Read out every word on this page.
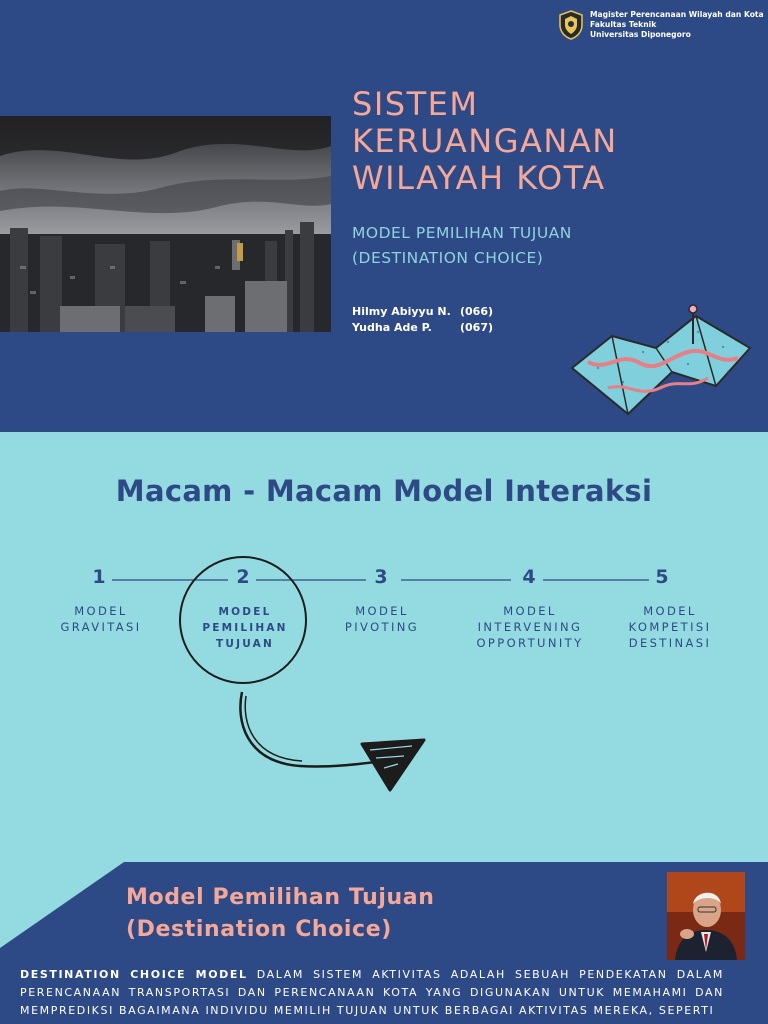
Magister Perencanaan Wilayah dan Kota
Fakultas Teknik
Universitas Diponegoro
SISTEM
KERUANGANAN
WILAYAH KOTA
MODEL PEMILIHAN TUJUAN
(DESTINATION CHOICE)
Hilmy Abiyyu N. (066)
Yudha Ade P.	(067)
Macam - Macam Model Interaksi
1	2	3	4	5
MODEL
GRAVITASI
MODEL
PEMILIHAN
TUJUAN
MODEL
PIVOTING
MODEL
INTERVENING
OPPORTUNITY
MODEL
KOMPETISI
DESTINASI
Model Pemilihan Tujuan
(Destination Choice)
DESTINATION CHOICE MODEL DALAM SISTEM AKTIVITAS ADALAH SEBUAH PENDEKATAN DALAM PERENCANAAN TRANSPORTASI DAN PERENCANAAN KOTA YANG DIGUNAKAN UNTUK MEMAHAMI DAN MEMPREDIKSI BAGAIMANA INDIVIDU MEMILIH TUJUAN UNTUK BERBAGAI AKTIVITAS MEREKA, SEPERTI
